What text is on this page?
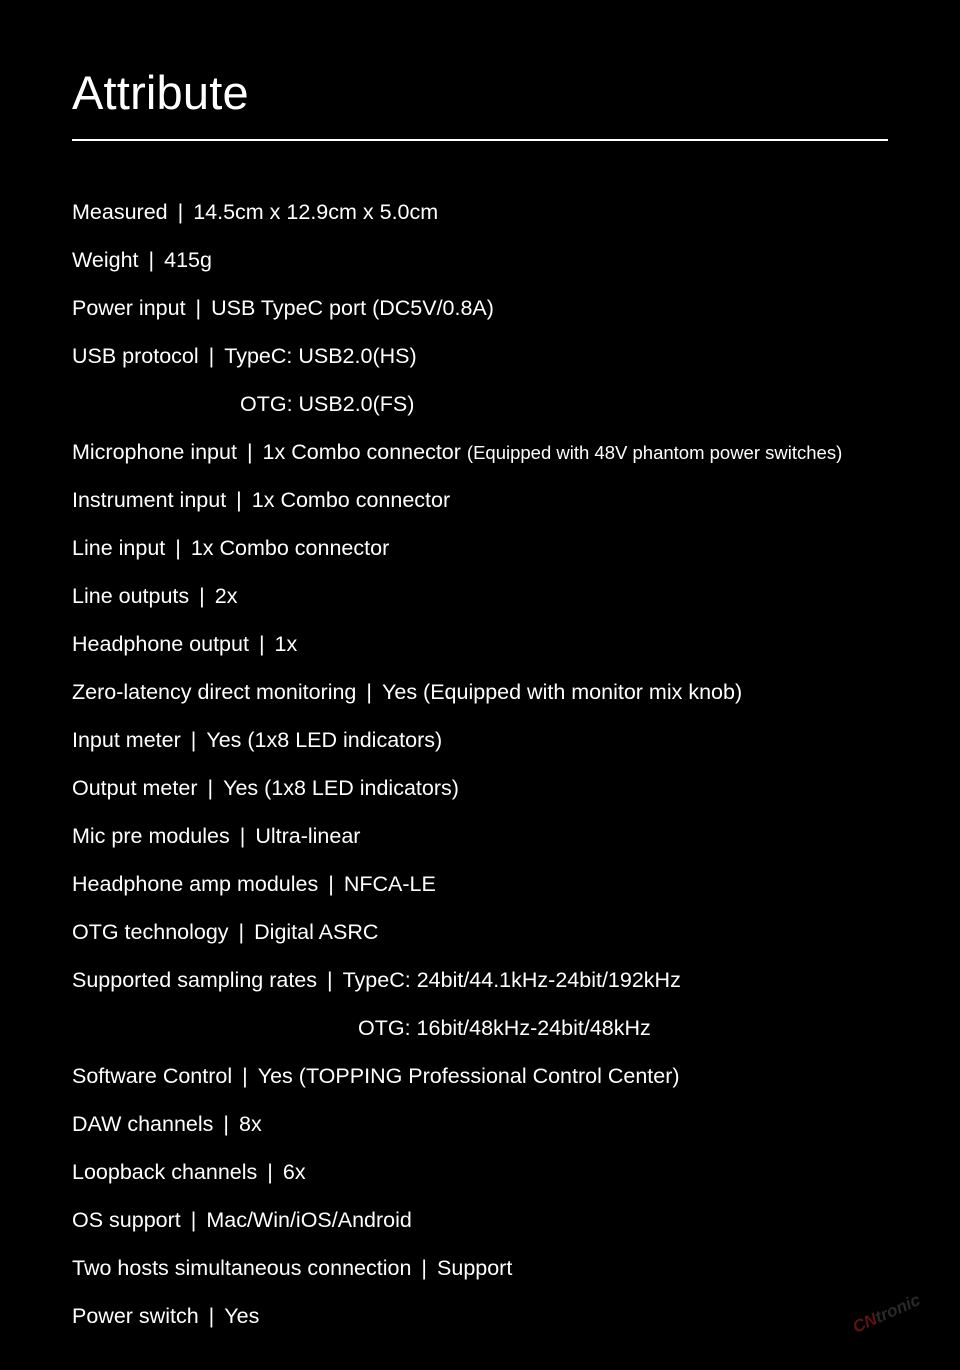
Attribute
Measured | 14.5cm x 12.9cm x 5.0cm
Weight | 415g
Power input | USB TypeC port (DC5V/0.8A)
USB protocol | TypeC: USB2.0(HS)
OTG: USB2.0(FS)
Microphone input | 1x Combo connector (Equipped with 48V phantom power switches)
Instrument input | 1x Combo connector
Line input | 1x Combo connector
Line outputs | 2x
Headphone output | 1x
Zero-latency direct monitoring | Yes (Equipped with monitor mix knob)
Input meter | Yes (1x8 LED indicators)
Output meter | Yes (1x8 LED indicators)
Mic pre modules | Ultra-linear
Headphone amp modules | NFCA-LE
OTG technology | Digital ASRC
Supported sampling rates | TypeC: 24bit/44.1kHz-24bit/192kHz
OTG: 16bit/48kHz-24bit/48kHz
Software Control | Yes (TOPPING Professional Control Center)
DAW channels | 8x
Loopback channels | 6x
OS support | Mac/Win/iOS/Android
Two hosts simultaneous connection | Support
Power switch | Yes	CNtronic
